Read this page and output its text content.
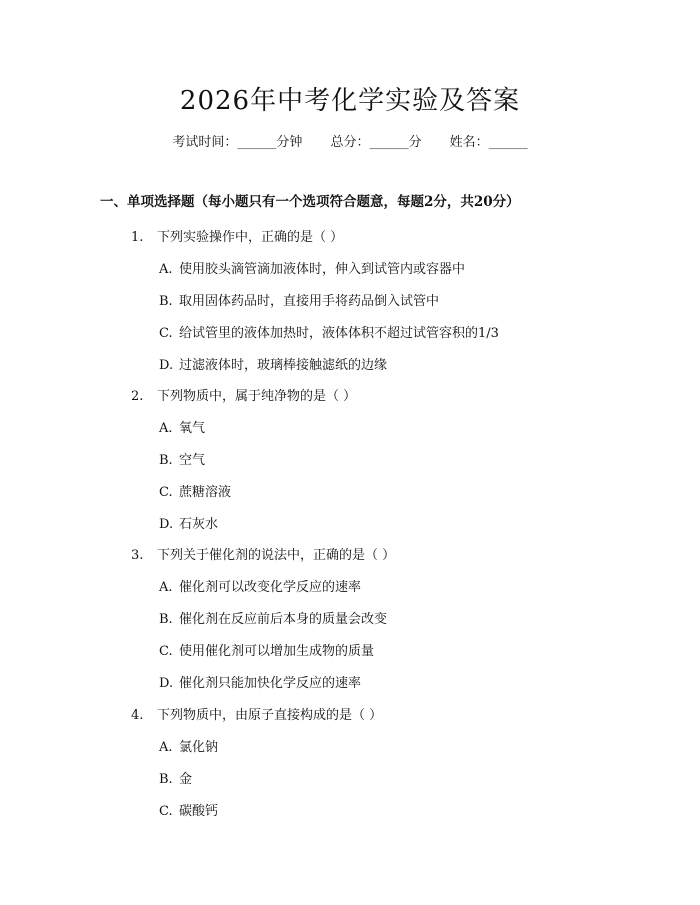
2026年中考化学实验及答案
考试时间：______分钟 总分：______分 姓名：______
一、单项选择题（每小题只有一个选项符合题意，每题2分，共20分）
1. 下列实验操作中，正确的是（ ）
A. 使用胶头滴管滴加液体时，伸入到试管内或容器中
B. 取用固体药品时，直接用手将药品倒入试管中
C. 给试管里的液体加热时，液体体积不超过试管容积的1/3
D. 过滤液体时，玻璃棒接触滤纸的边缘
2. 下列物质中，属于纯净物的是（ ）
A. 氧气
B. 空气
C. 蔗糖溶液
D. 石灰水
3. 下列关于催化剂的说法中，正确的是（ ）
A. 催化剂可以改变化学反应的速率
B. 催化剂在反应前后本身的质量会改变
C. 使用催化剂可以增加生成物的质量
D. 催化剂只能加快化学反应的速率
4. 下列物质中，由原子直接构成的是（ ）
A. 氯化钠
B. 金
C. 碳酸钙
